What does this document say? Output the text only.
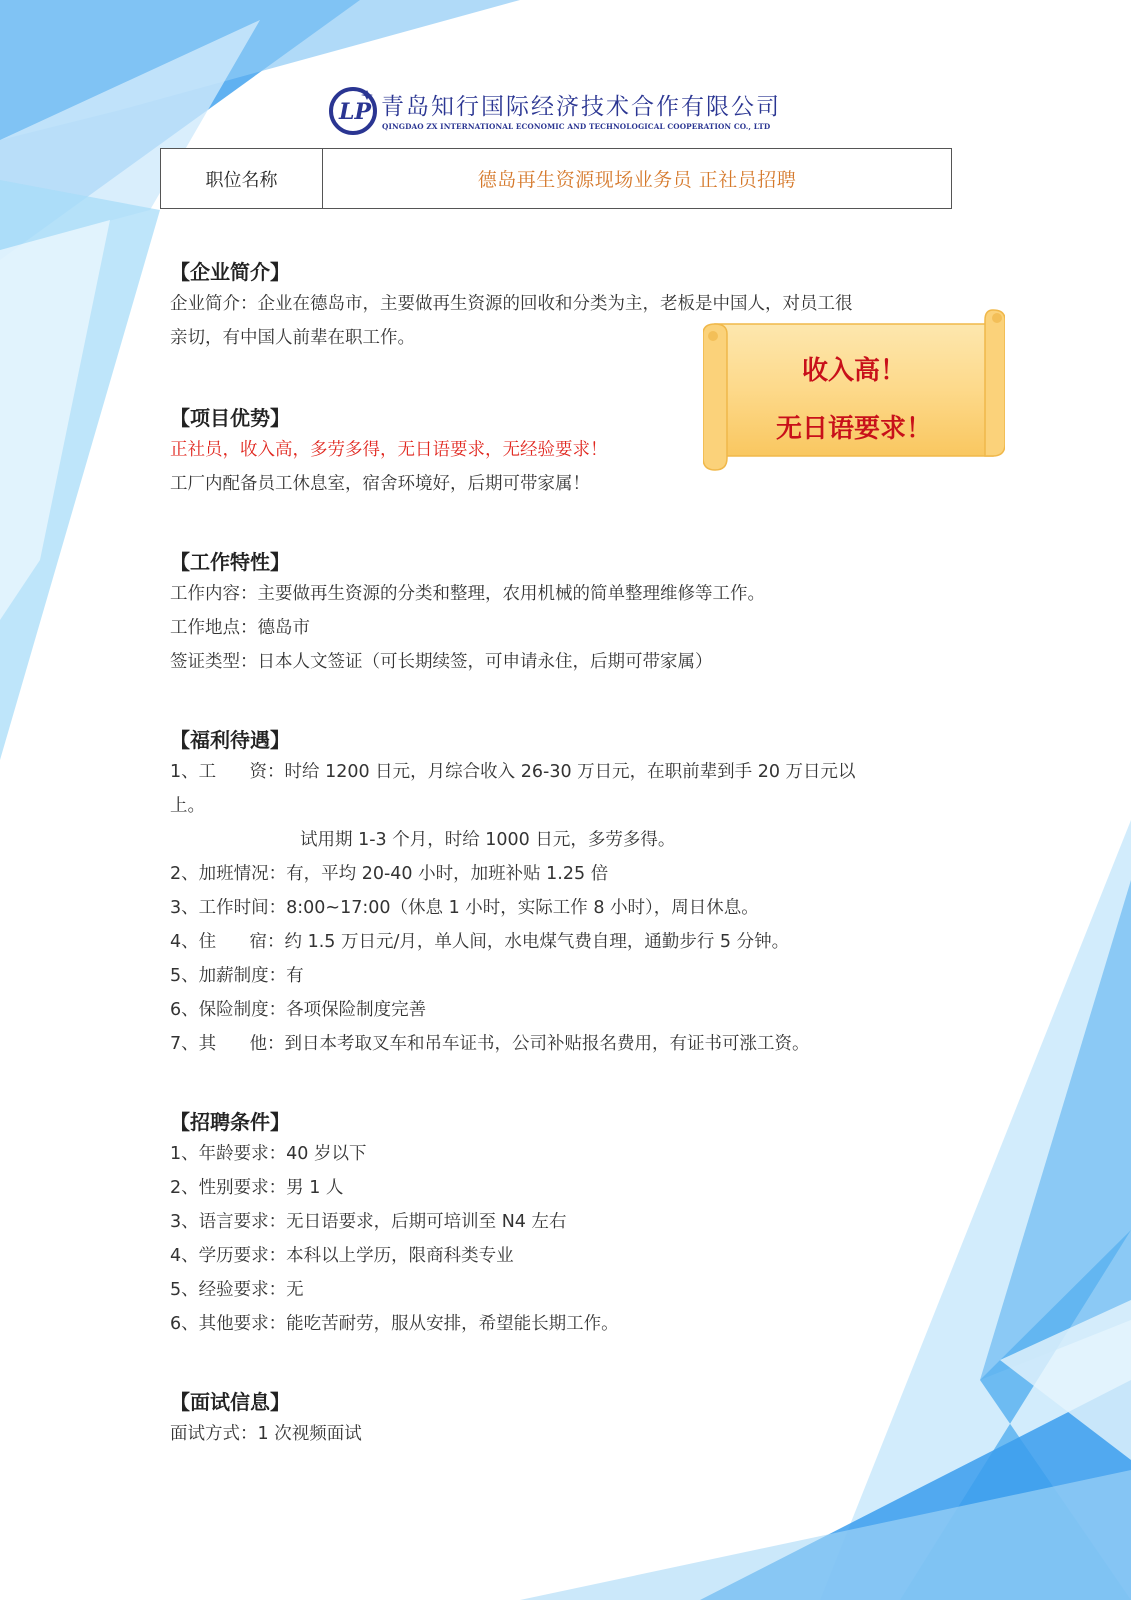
LP 青岛知行国际经济技术合作有限公司
QINGDAO ZX INTERNATIONAL ECONOMIC AND TECHNOLOGICAL COOPERATION CO., LTD
职位名称	德岛再生资源现场业务员 正社员招聘
【企业简介】
企业简介：企业在德岛市，主要做再生资源的回收和分类为主，老板是中国人，对员工很
亲切，有中国人前辈在职工作。
收入高！
无日语要求！
【项目优势】
正社员，收入高，多劳多得，无日语要求，无经验要求！
工厂内配备员工休息室，宿舍环境好，后期可带家属！
【工作特性】
工作内容：主要做再生资源的分类和整理，农用机械的简单整理维修等工作。
工作地点：德岛市
签证类型：日本人文签证（可长期续签，可申请永住，后期可带家属）
【福利待遇】
1、工      资：时给 1200 日元，月综合收入 26-30 万日元，在职前辈到手 20 万日元以
上。
试用期 1-3 个月，时给 1000 日元，多劳多得。
2、加班情况：有，平均 20-40 小时，加班补贴 1.25 倍
3、工作时间：8:00~17:00（休息 1 小时，实际工作 8 小时），周日休息。
4、住      宿：约 1.5 万日元/月，单人间，水电煤气费自理，通勤步行 5 分钟。
5、加薪制度：有
6、保险制度：各项保险制度完善
7、其      他：到日本考取叉车和吊车证书，公司补贴报名费用，有证书可涨工资。
【招聘条件】
1、年龄要求：40 岁以下
2、性别要求：男 1 人
3、语言要求：无日语要求，后期可培训至 N4 左右
4、学历要求：本科以上学历，限商科类专业
5、经验要求：无
6、其他要求：能吃苦耐劳，服从安排，希望能长期工作。
【面试信息】
面试方式：1 次视频面试
